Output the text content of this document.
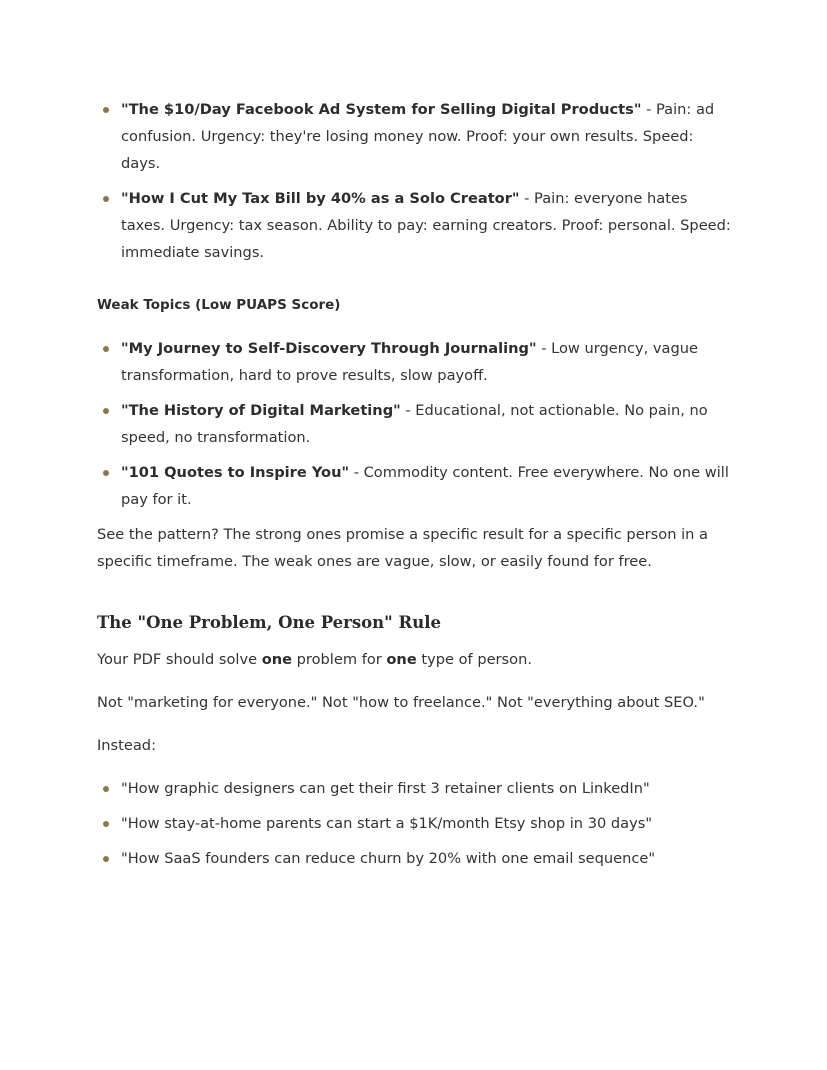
"The $10/Day Facebook Ad System for Selling Digital Products" - Pain: ad confusion. Urgency: they're losing money now. Proof: your own results. Speed: days.
"How I Cut My Tax Bill by 40% as a Solo Creator" - Pain: everyone hates taxes. Urgency: tax season. Ability to pay: earning creators. Proof: personal. Speed: immediate savings.
Weak Topics (Low PUAPS Score)
"My Journey to Self-Discovery Through Journaling" - Low urgency, vague transformation, hard to prove results, slow payoff.
"The History of Digital Marketing" - Educational, not actionable. No pain, no speed, no transformation.
"101 Quotes to Inspire You" - Commodity content. Free everywhere. No one will pay for it.

See the pattern? The strong ones promise a specific result for a specific person in a specific timeframe. The weak ones are vague, slow, or easily found for free.

The "One Problem, One Person" Rule

Your PDF should solve one problem for one type of person.

Not "marketing for everyone." Not "how to freelance." Not "everything about SEO."

Instead:

"How graphic designers can get their first 3 retainer clients on LinkedIn"
"How stay-at-home parents can start a $1K/month Etsy shop in 30 days"
"How SaaS founders can reduce churn by 20% with one email sequence"
